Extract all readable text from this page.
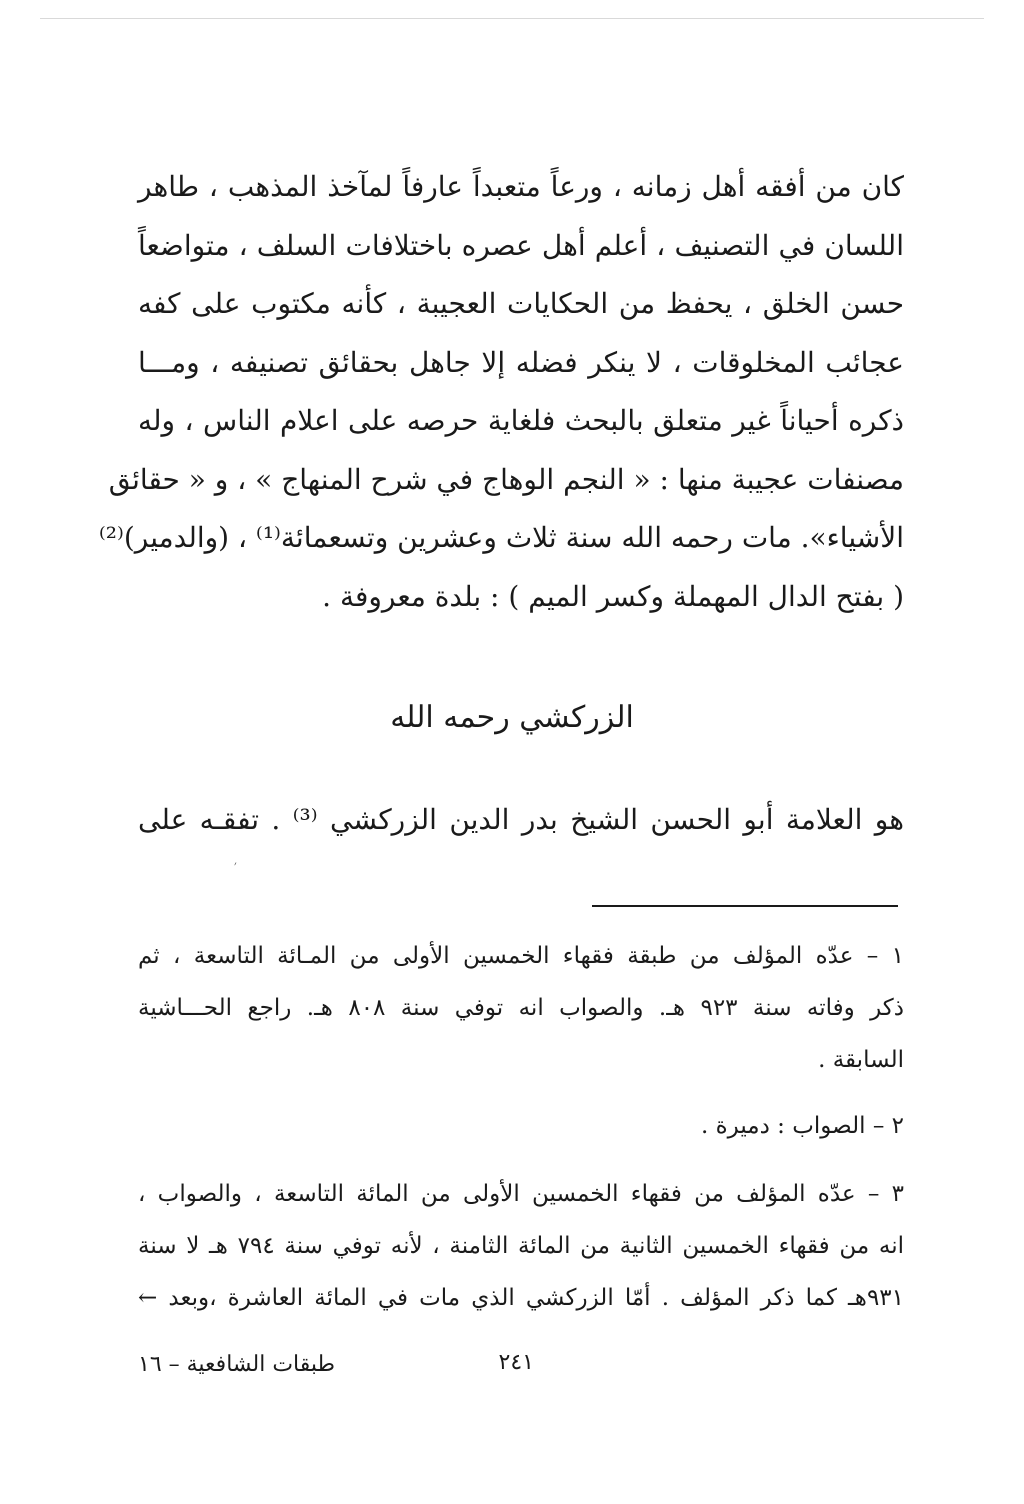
كان من أفقه أهل زمانه ، ورعاً متعبداً عارفاً لمآخذ المذهب ، طاهر
اللسان في التصنيف ، أعلم أهل عصره باختلافات السلف ، متواضعاً
حسن الخلق ، يحفظ من الحكايات العجيبة ، كأنه مكتوب على كفه
عجائب المخلوقات ، لا ينكر فضله إلا جاهل بحقائق تصنيفه ، ومـــا
ذكره أحياناً غير متعلق بالبحث فلغاية حرصه على اعلام الناس ، وله
مصنفات عجيبة منها : « النجم الوهاج في شرح المنهاج » ، و « حقائق
الأشياء». مات رحمه الله سنة ثلاث وعشرين وتسعمائة⁽¹⁾ ، (والدمير)⁽²⁾
( بفتح الدال المهملة وكسر الميم ) : بلدة معروفة .
الزركشي رحمه الله

هو العلامة أبو الحسن الشيخ بدر الدين الزركشي ⁽³⁾ . تفقـه على

׳
١ – عدّه المؤلف من طبقة فقهاء الخمسين الأولى من المـائة التاسعة ، ثم
ذكر وفاته سنة ٩٢٣ هـ. والصواب انه توفي سنة ٨٠٨ هـ. راجع الحـــاشية
السابقة .
٢ – الصواب : دميرة .
٣ – عدّه المؤلف من فقهاء الخمسين الأولى من المائة التاسعة ، والصواب ،
انه من فقهاء الخمسين الثانية من المائة الثامنة ، لأنه توفي سنة ٧٩٤ هـ لا سنة
٩٣١هـ كما ذكر المؤلف . أمّا الزركشي الذي مات في المائة العاشرة ،وبعد ←
٢٤١
طبقات الشافعية – ١٦
